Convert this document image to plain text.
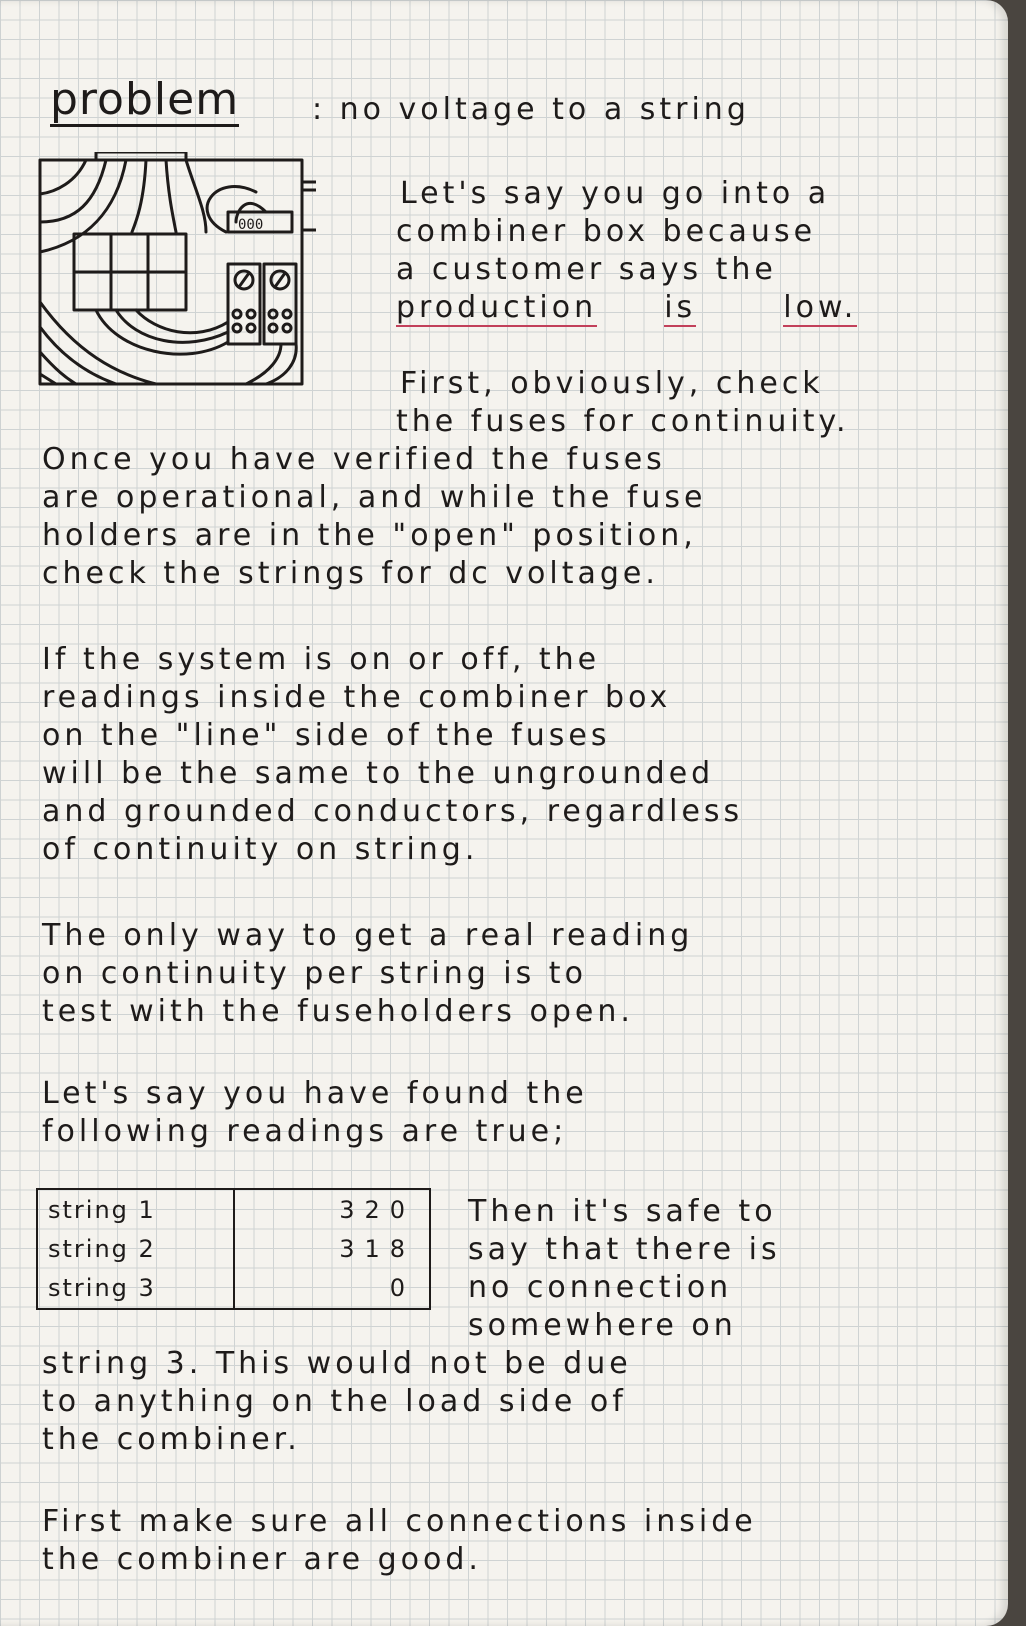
problem : no voltage to a string
000

Let's say you go into a

combiner box because

a customer says the

production is	low.

First, obviously, check

the fuses for continuity.

Once you have verified the fuses

are operational, and while the fuse

holders are in the "open" position,

check the strings for dc voltage.

If the system is on or off, the

readings inside the combiner box

on the "line" side of the fuses

will be the same to the ungrounded

and grounded conductors, regardless

of continuity on string.

The only way to get a real reading

on continuity per string is to

test with the fuseholders open.

Let's say you have found the

following readings are true;

string 1	320
string 2	318
string 3	0

Then it's safe to

say that there is

no connection

somewhere on

string 3. This would not be due

to anything on the load side of

the combiner.

First make sure all connections inside

the combiner are good.
